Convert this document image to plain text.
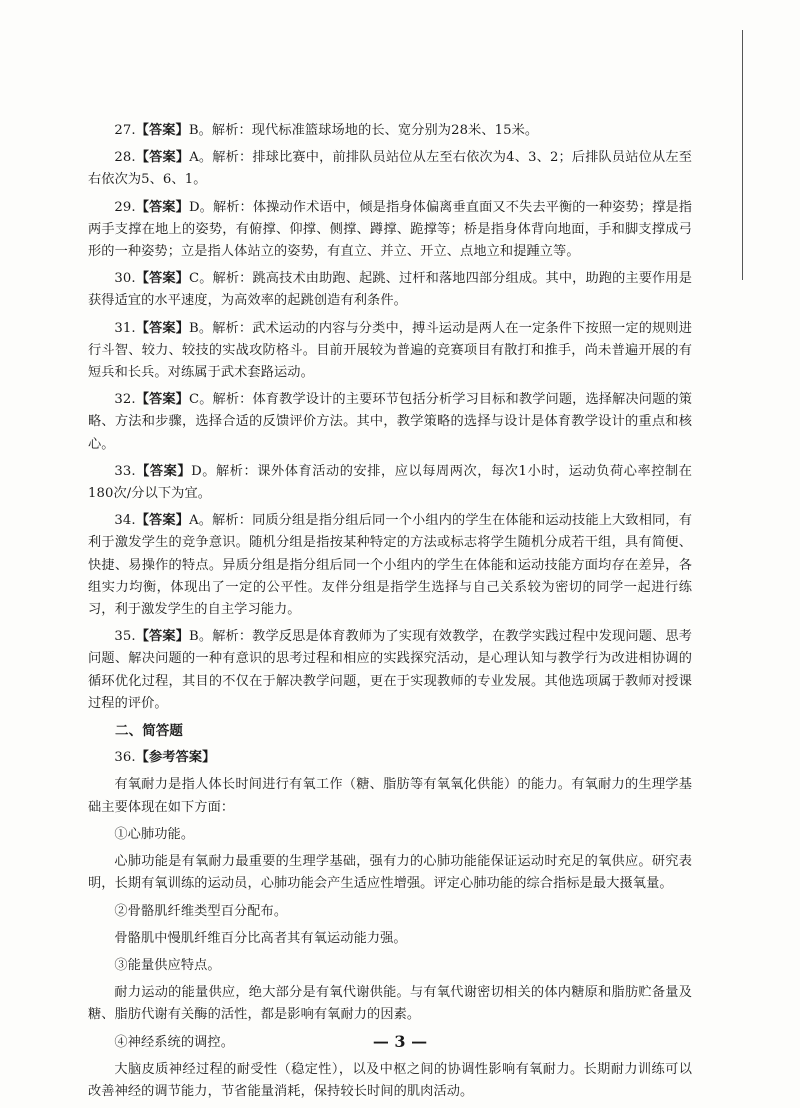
27.【答案】B。解析：现代标准篮球场地的长、宽分别为28米、15米。

28.【答案】A。解析：排球比赛中，前排队员站位从左至右依次为4、3、2；后排队员站位从左至右依次为5、6、1。

29.【答案】D。解析：体操动作术语中，倾是指身体偏离垂直面又不失去平衡的一种姿势；撑是指两手支撑在地上的姿势，有俯撑、仰撑、侧撑、蹲撑、跪撑等；桥是指身体背向地面，手和脚支撑成弓形的一种姿势；立是指人体站立的姿势，有直立、并立、开立、点地立和提踵立等。

30.【答案】C。解析：跳高技术由助跑、起跳、过杆和落地四部分组成。其中，助跑的主要作用是获得适宜的水平速度，为高效率的起跳创造有利条件。

31.【答案】B。解析：武术运动的内容与分类中，搏斗运动是两人在一定条件下按照一定的规则进行斗智、较力、较技的实战攻防格斗。目前开展较为普遍的竞赛项目有散打和推手，尚未普遍开展的有短兵和长兵。对练属于武术套路运动。

32.【答案】C。解析：体育教学设计的主要环节包括分析学习目标和教学问题，选择解决问题的策略、方法和步骤，选择合适的反馈评价方法。其中，教学策略的选择与设计是体育教学设计的重点和核心。

33.【答案】D。解析：课外体育活动的安排，应以每周两次，每次1小时，运动负荷心率控制在180次/分以下为宜。

34.【答案】A。解析：同质分组是指分组后同一个小组内的学生在体能和运动技能上大致相同，有利于激发学生的竞争意识。随机分组是指按某种特定的方法或标志将学生随机分成若干组，具有简便、快捷、易操作的特点。异质分组是指分组后同一个小组内的学生在体能和运动技能方面均存在差异，各组实力均衡，体现出了一定的公平性。友伴分组是指学生选择与自己关系较为密切的同学一起进行练习，利于激发学生的自主学习能力。

35.【答案】B。解析：教学反思是体育教师为了实现有效教学，在教学实践过程中发现问题、思考问题、解决问题的一种有意识的思考过程和相应的实践探究活动，是心理认知与教学行为改进相协调的循环优化过程，其目的不仅在于解决教学问题，更在于实现教师的专业发展。其他选项属于教师对授课过程的评价。

二、简答题

36.【参考答案】

有氧耐力是指人体长时间进行有氧工作（糖、脂肪等有氧氧化供能）的能力。有氧耐力的生理学基础主要体现在如下方面：

①心肺功能。

心肺功能是有氧耐力最重要的生理学基础，强有力的心肺功能能保证运动时充足的氧供应。研究表明，长期有氧训练的运动员，心肺功能会产生适应性增强。评定心肺功能的综合指标是最大摄氧量。

②骨骼肌纤维类型百分配布。

骨骼肌中慢肌纤维百分比高者其有氧运动能力强。

③能量供应特点。

耐力运动的能量供应，绝大部分是有氧代谢供能。与有氧代谢密切相关的体内糖原和脂肪贮备量及糖、脂肪代谢有关酶的活性，都是影响有氧耐力的因素。

④神经系统的调控。

大脑皮质神经过程的耐受性（稳定性），以及中枢之间的协调性影响有氧耐力。长期耐力训练可以改善神经的调节能力，节省能量消耗，保持较长时间的肌肉活动。

— 3 —
